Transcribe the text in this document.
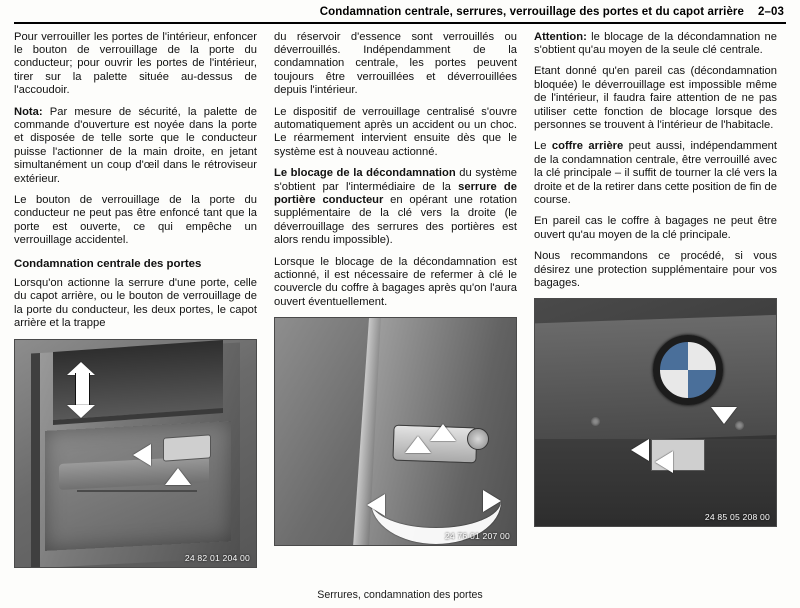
Condamnation centrale, serrures, verrouillage des portes et du capot arrière 2–03

Pour verrouiller les portes de l'intérieur, enfoncer le bouton de verrouillage de la porte du conducteur; pour ouvrir les portes de l'intérieur, tirer sur la palette située au-dessus de l'accoudoir.

Nota: Par mesure de sécurité, la palette de commande d'ouverture est noyée dans la porte et disposée de telle sorte que le conducteur puisse l'actionner de la main droite, en jetant simultanément un coup d'œil dans le rétroviseur extérieur.

Le bouton de verrouillage de la porte du conducteur ne peut pas être enfoncé tant que la porte est ouverte, ce qui empêche un verrouillage accidentel.

Condamnation centrale des portes

Lorsqu'on actionne la serrure d'une porte, celle du capot arrière, ou le bouton de verrouillage de la porte du conducteur, les deux portes, le capot arrière et la trappe

24 82 01 204 00

du réservoir d'essence sont verrouillés ou déverrouillés. Indépendamment de la condamnation centrale, les portes peuvent toujours être verrouillées et déverrouillées depuis l'intérieur.

Le dispositif de verrouillage centralisé s'ouvre automatiquement après un accident ou un choc. Le réarmement intervient ensuite dès que le système est à nouveau actionné.

Le blocage de la décondamnation du système s'obtient par l'intermédiaire de la serrure de portière conducteur en opérant une rotation supplémentaire de la clé vers la droite (le déverrouillage des serrures des portières est alors rendu impossible).

Lorsque le blocage de la décondamnation est actionné, il est nécessaire de refermer à clé le couvercle du coffre à bagages après qu'on l'aura ouvert éventuellement.

24 76 01 207 00

Attention: le blocage de la décondamnation ne s'obtient qu'au moyen de la seule clé centrale.

Etant donné qu'en pareil cas (décondamnation bloquée) le déverrouillage est impossible même de l'intérieur, il faudra faire attention de ne pas utiliser cette fonction de blocage lorsque des personnes se trouvent à l'intérieur de l'habitacle.

Le coffre arrière peut aussi, indépendamment de la condamnation centrale, être verrouillé avec la clé principale – il suffit de tourner la clé vers la droite et de la retirer dans cette position de fin de course.

En pareil cas le coffre à bagages ne peut être ouvert qu'au moyen de la clé principale.

Nous recommandons ce procédé, si vous désirez une protection supplémentaire pour vos bagages.

24 85 05 208 00
Serrures, condamnation des portes
